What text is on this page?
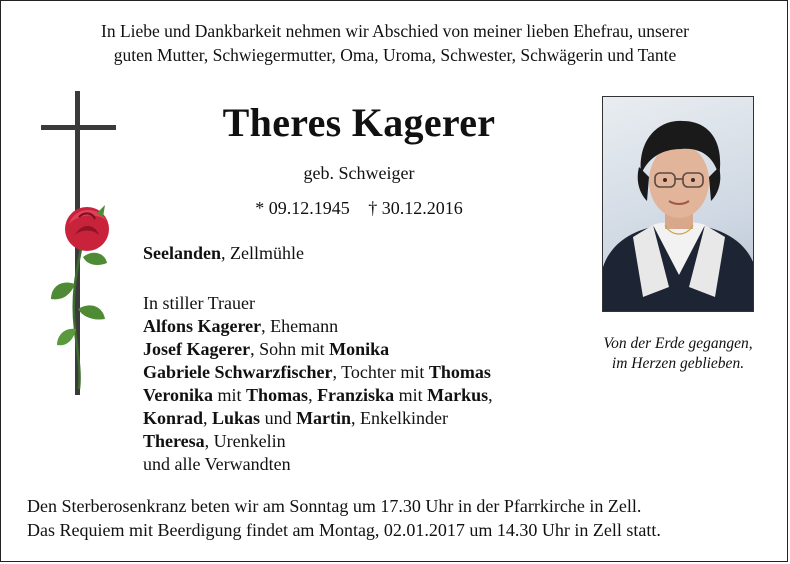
In Liebe und Dankbarkeit nehmen wir Abschied von meiner lieben Ehefrau, unserer
guten Mutter, Schwiegermutter, Oma, Uroma, Schwester, Schwägerin und Tante
Theres Kagerer
geb. Schweiger
* 09.12.1945 † 30.12.2016
Seelanden, Zellmühle
In stiller Trauer
Alfons Kagerer, Ehemann
Josef Kagerer, Sohn mit Monika
Gabriele Schwarzfischer, Tochter mit Thomas
Veronika mit Thomas, Franziska mit Markus,
Konrad, Lukas und Martin, Enkelkinder
Theresa, Urenkelin
und alle Verwandten
Von der Erde gegangen,
im Herzen geblieben.
Den Sterberosenkranz beten wir am Sonntag um 17.30 Uhr in der Pfarrkirche in Zell.
Das Requiem mit Beerdigung findet am Montag, 02.01.2017 um 14.30 Uhr in Zell statt.
